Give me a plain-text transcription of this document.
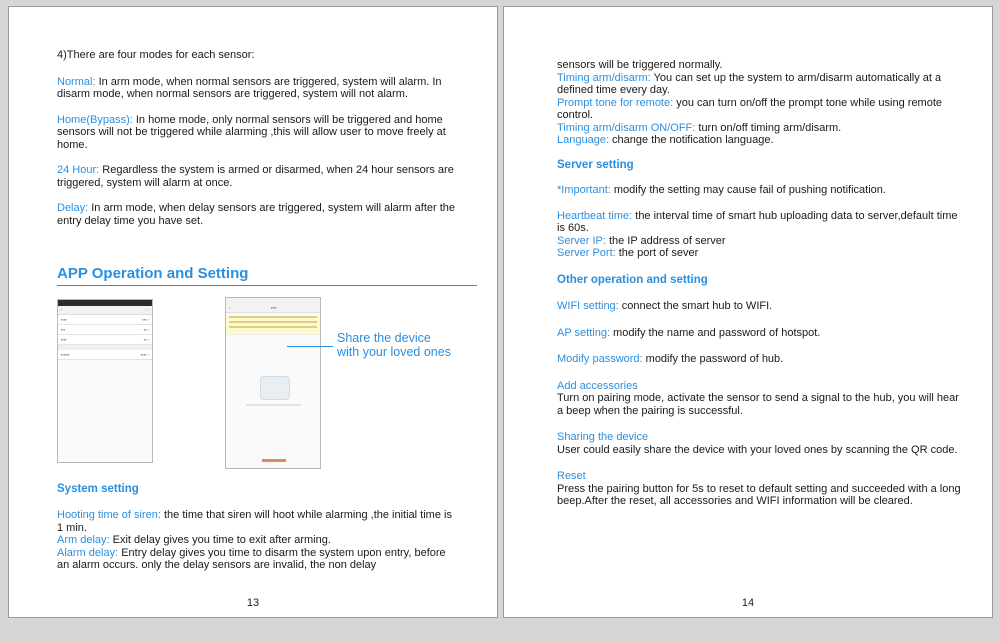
4)There are four modes for each sensor:

Normal: In arm mode, when normal sensors are triggered, system will alarm. In disarm mode, when normal sensors are triggered, system will not alarm.

Home(Bypass): In home mode, only normal sensors will be triggered and home sensors will not be triggered while alarming ,this will allow user to move freely at home.

24 Hour: Regardless the system is armed or disarmed, when 24 hour sensors are triggered, system will alarm at once.

Delay: In arm mode, when delay sensors are triggered, system will alarm after the entry delay time you have set.

APP Operation and Setting
‹	⋯
▪▪▪▪	▪▪▪ ›
▪▪▪	▪▪ ›
▪▪▪▪	▪▪ ›
▪▪▪▪▪▪	▪▪▪▪ ›
‹	▪▪▪▪
Share the device
with your loved ones
System setting

Hooting time of siren: the time that siren will hoot while alarming ,the initial time is 1 min.

Arm delay: Exit delay gives you time to exit after arming.

Alarm delay: Entry delay gives you time to disarm the system upon entry, before an alarm occurs. only the delay sensors are invalid, the non delay

13

sensors will be triggered normally.

Timing arm/disarm: You can set up the system to arm/disarm automatically at a defined time every day.

Prompt tone for remote: you can turn on/off the prompt tone while using remote control.

Timing arm/disarm ON/OFF: turn on/off timing arm/disarm.

Language: change the notification language.

Server setting

*Important: modify the setting may cause fail of pushing notification.

Heartbeat time: the interval time of smart hub uploading data to server,default time is 60s.

Server IP: the IP address of server

Server Port: the port of sever

Other operation and setting

WIFI setting: connect the smart hub to WIFI.

AP setting: modify the name and password of hotspot.

Modify password: modify the password of hub.

Add accessories

Turn on pairing mode, activate the sensor to send a signal to the hub, you will hear a beep when the pairing is successful.

Sharing the device

User could easily share the device with your loved ones by scanning the QR code.

Reset

Press the pairing button for 5s to reset to default setting and succeeded with a long beep.After the reset, all accessories and WIFI information will be cleared.

14
